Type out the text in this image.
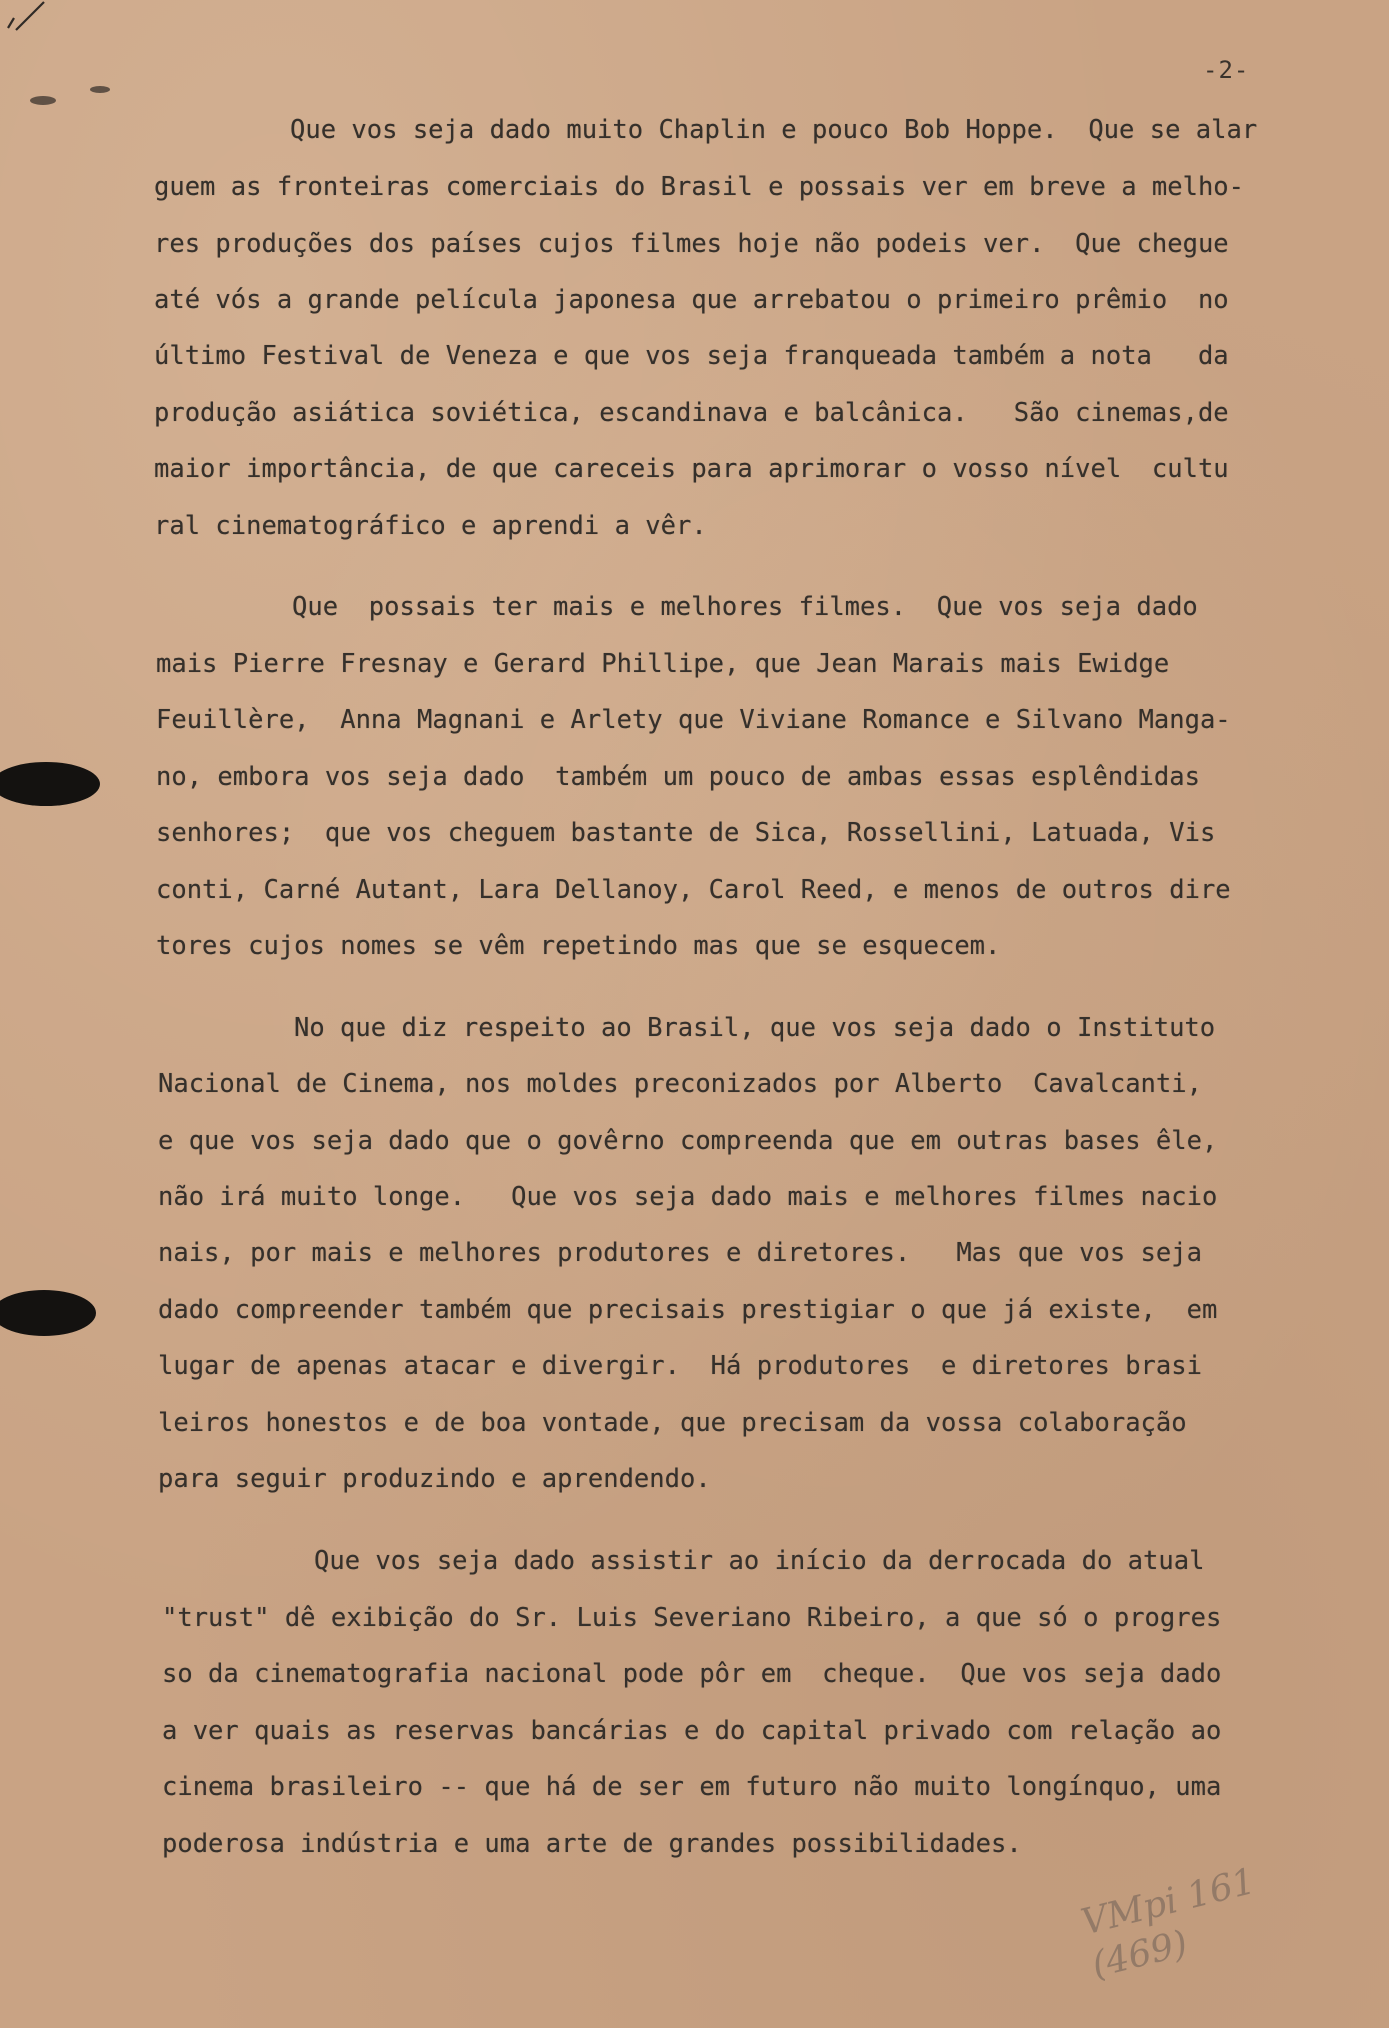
-2-
Que vos seja dado muito Chaplin e pouco Bob Hoppe.  Que se alar
guem as fronteiras comerciais do Brasil e possais ver em breve a melho-
res produções dos países cujos filmes hoje não podeis ver.  Que chegue
até vós a grande película japonesa que arrebatou o primeiro prêmio  no
último Festival de Veneza e que vos seja franqueada também a nota   da
produção asiática soviética, escandinava e balcânica.   São cinemas,de
maior importância, de que careceis para aprimorar o vosso nível  cultu
ral cinematográfico e aprendi a vêr.
Que  possais ter mais e melhores filmes.  Que vos seja dado
mais Pierre Fresnay e Gerard Phillipe, que Jean Marais mais Ewidge
Feuillère,  Anna Magnani e Arlety que Viviane Romance e Silvano Manga-
no, embora vos seja dado  também um pouco de ambas essas esplêndidas
senhores;  que vos cheguem bastante de Sica, Rossellini, Latuada, Vis
conti, Carné Autant, Lara Dellanoy, Carol Reed, e menos de outros dire
tores cujos nomes se vêm repetindo mas que se esquecem.
No que diz respeito ao Brasil, que vos seja dado o Instituto
Nacional de Cinema, nos moldes preconizados por Alberto  Cavalcanti,
e que vos seja dado que o govêrno compreenda que em outras bases êle,
não irá muito longe.   Que vos seja dado mais e melhores filmes nacio
nais, por mais e melhores produtores e diretores.   Mas que vos seja
dado compreender também que precisais prestigiar o que já existe,  em
lugar de apenas atacar e divergir.  Há produtores  e diretores brasi
leiros honestos e de boa vontade, que precisam da vossa colaboração
para seguir produzindo e aprendendo.
Que vos seja dado assistir ao início da derrocada do atual
"trust" dê exibição do Sr. Luis Severiano Ribeiro, a que só o progres
so da cinematografia nacional pode pôr em  cheque.  Que vos seja dado
a ver quais as reservas bancárias e do capital privado com relação ao
cinema brasileiro -- que há de ser em futuro não muito longínquo, uma
poderosa indústria e uma arte de grandes possibilidades.
VMpi 161
(469)
